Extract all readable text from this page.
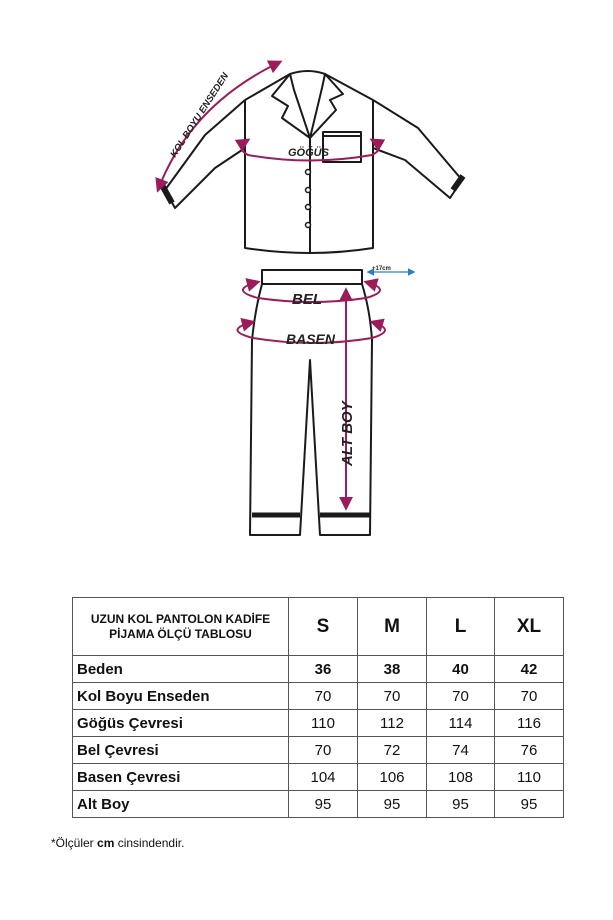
KOL BOYU ENSEDEN	GÖĞÜS
BEL
BASEN
ALT BOY
+17cm
UZUN KOL PANTOLON KADİFE
PİJAMA ÖLÇÜ TABLOSU	S	M	L	XL
Beden	36	38	40	42
Kol Boyu Enseden	70	70	70	70
Göğüs Çevresi	110	112	114	116
Bel Çevresi	70	72	74	76
Basen Çevresi	104	106	108	110
Alt Boy	95	95	95	95
*Ölçüler cm cinsindendir.
